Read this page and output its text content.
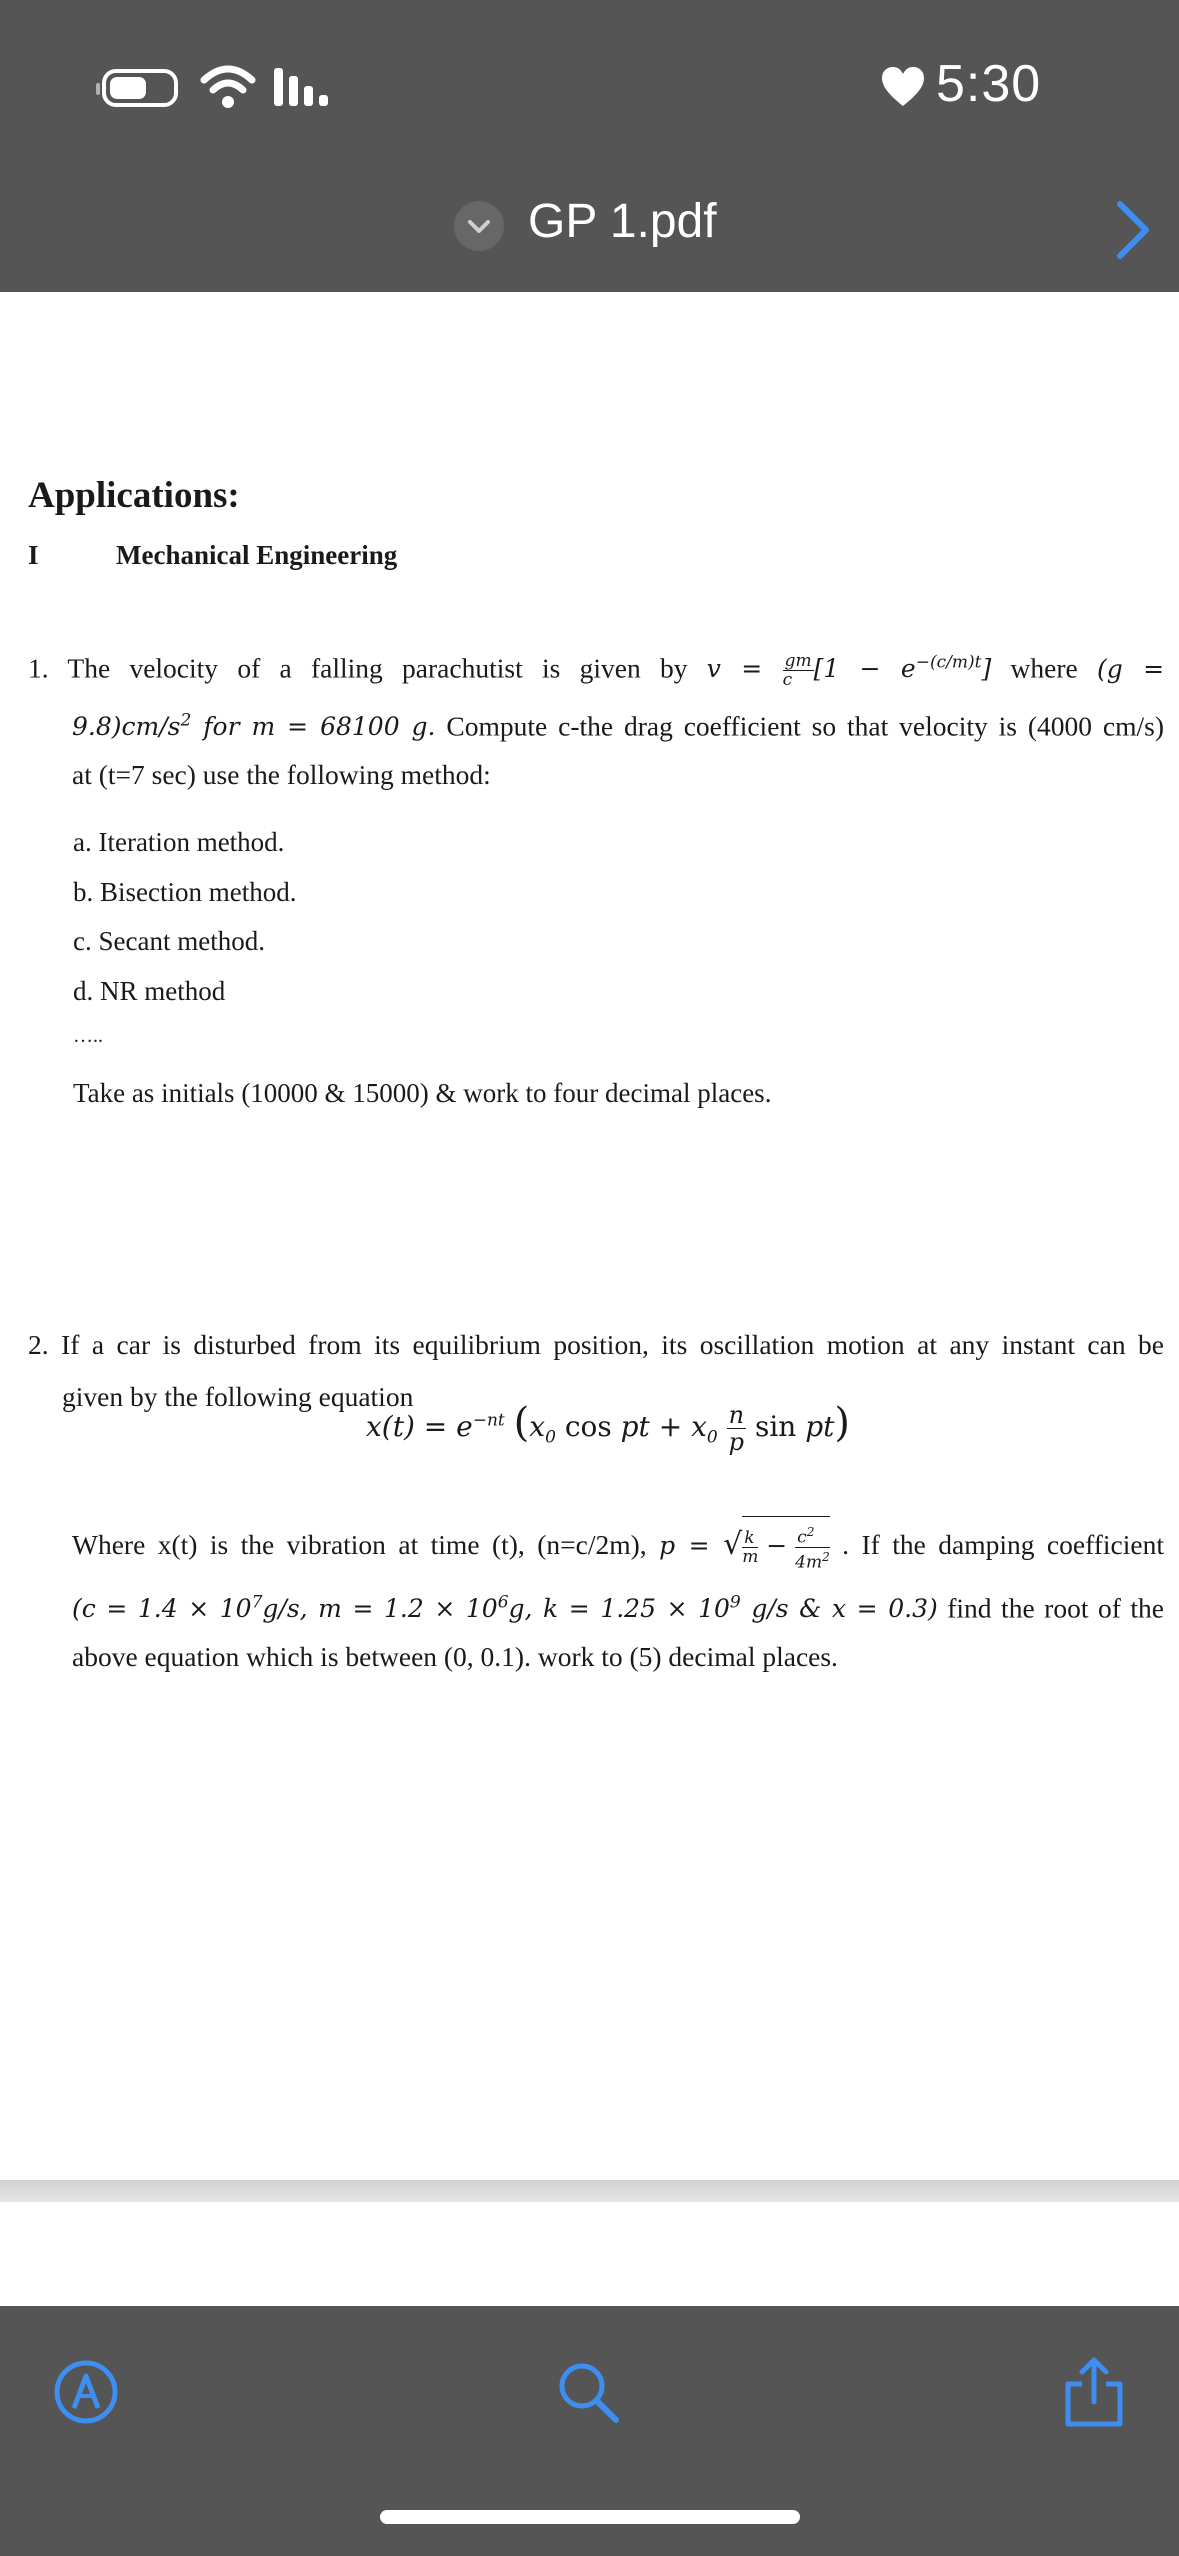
5:30
GP 1.pdf
Applications:
I	Mechanical Engineering
1. The velocity of a falling parachutist is given by $v = \frac{gm}{c} [1 - e^{-(c/m)t}]$ where (g =
$9.8)cm/s^2$ for m = 68100 g. Compute c-the drag coefficient so that velocity is (4000 cm/s)
at (t=7 sec) use the following method:
a. Iteration method.
b. Bisection method.
c. Secant method.
d. NR method
…..
Take as initials (10000 & 15000) & work to four decimal places.
2. If a car is disturbed from its equilibrium position, its oscillation motion at any instant can be
given by the following equation
$x(t) = e^{-nt}$ ($x_0$ cos pt + $x_0 \frac{n}{p}$ sin pt)
Where x(t) is the vibration at time (t), (n=c/2m), p = √ $\frac{k}{m} - \frac{c^2}{4m^2}$ . If the damping coefficient
($c = 1.4 \times 10^7g/s$, $m = 1.2 \times 10^6g$, $k = 1.25 \times 10^9$ g/s & x = 0.3) find the root of the
above equation which is between (0, 0.1). work to (5) decimal places.
